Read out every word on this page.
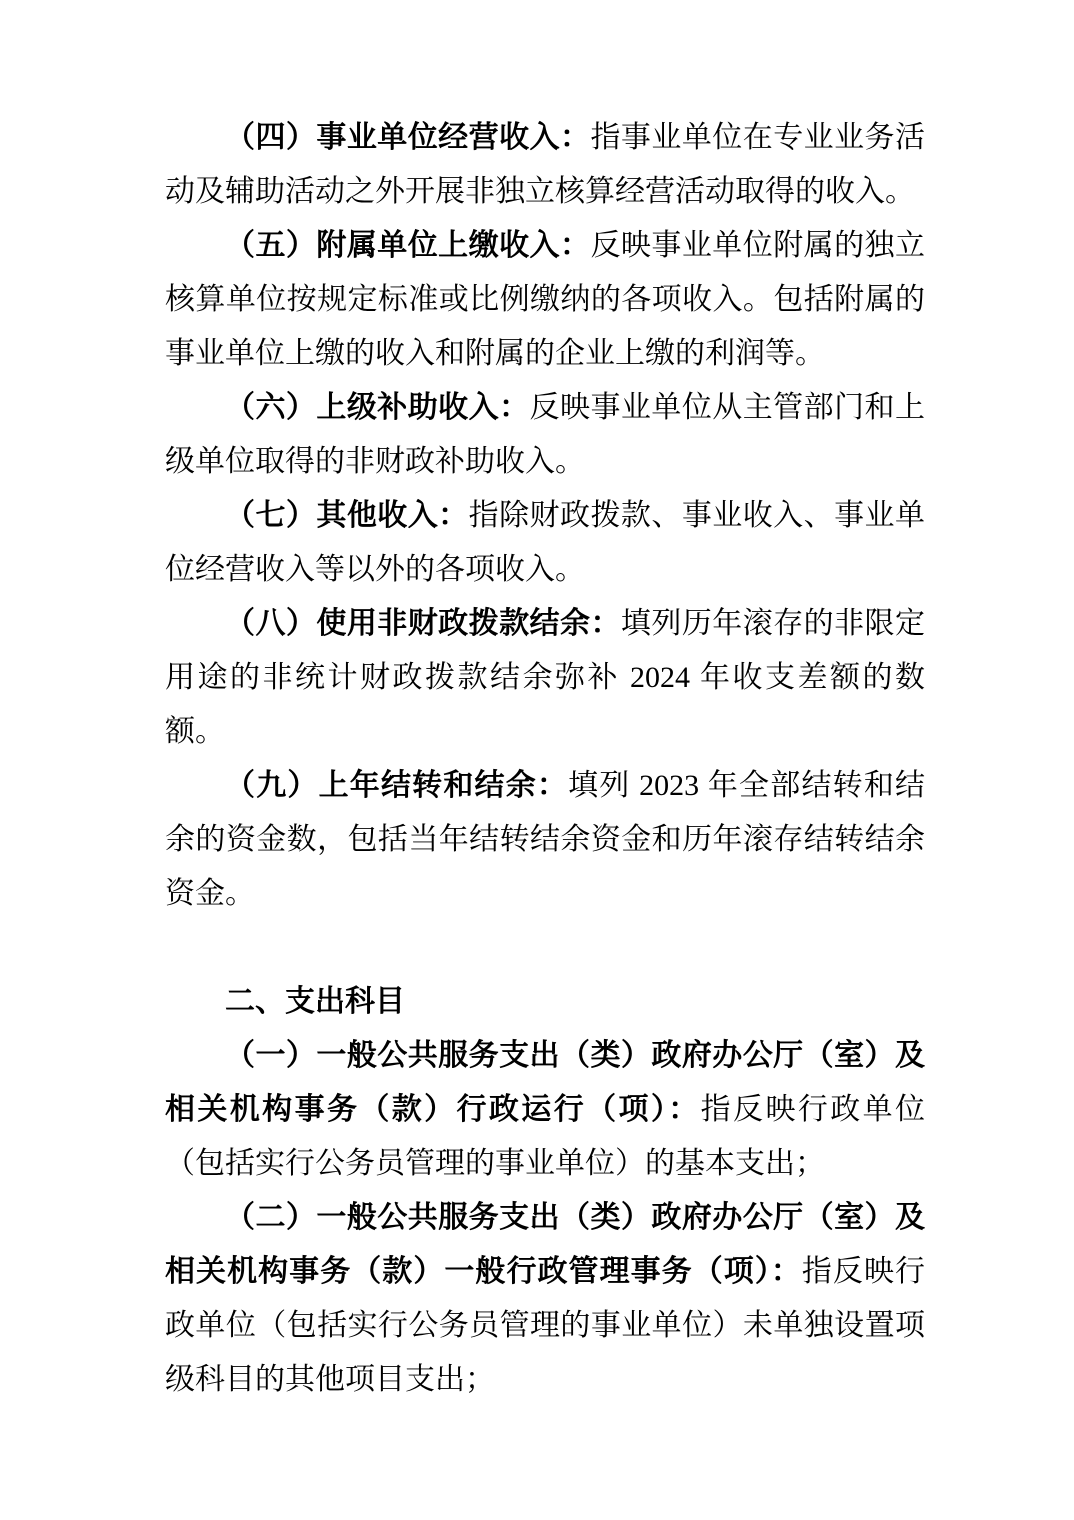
（四）事业单位经营收入：指事业单位在专业业务活动及辅助活动之外开展非独立核算经营活动取得的收入。

（五）附属单位上缴收入：反映事业单位附属的独立核算单位按规定标准或比例缴纳的各项收入。包括附属的事业单位上缴的收入和附属的企业上缴的利润等。

（六）上级补助收入：反映事业单位从主管部门和上级单位取得的非财政补助收入。

（七）其他收入：指除财政拨款、事业收入、事业单位经营收入等以外的各项收入。

（八）使用非财政拨款结余：填列历年滚存的非限定用途的非统计财政拨款结余弥补 2024 年收支差额的数额。

（九）上年结转和结余：填列 2023 年全部结转和结余的资金数，包括当年结转结余资金和历年滚存结转结余资金。

二、支出科目

（一）一般公共服务支出（类）政府办公厅（室）及相关机构事务（款）行政运行（项）：指反映行政单位（包括实行公务员管理的事业单位）的基本支出；

（二）一般公共服务支出（类）政府办公厅（室）及相关机构事务（款）一般行政管理事务（项）：指反映行政单位（包括实行公务员管理的事业单位）未单独设置项级科目的其他项目支出；
